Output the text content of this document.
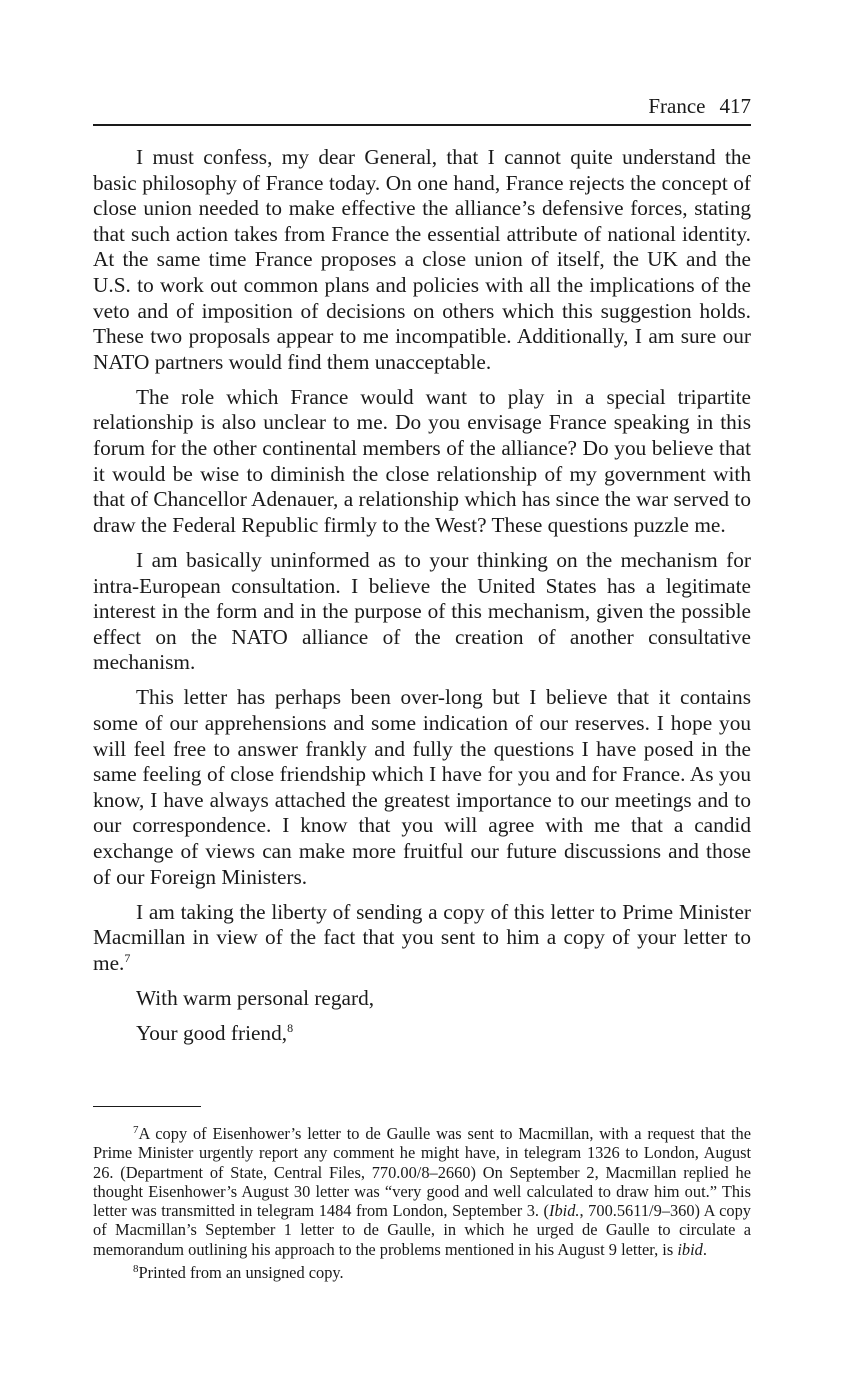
France 417

I must confess, my dear General, that I cannot quite understand the basic philosophy of France today. On one hand, France rejects the concept of close union needed to make effective the alliance’s defensive forces, stating that such action takes from France the essential attribute of national identity. At the same time France proposes a close union of itself, the UK and the U.S. to work out common plans and policies with all the implications of the veto and of imposition of decisions on others which this suggestion holds. These two proposals appear to me incompatible. Additionally, I am sure our NATO partners would find them unacceptable.

The role which France would want to play in a special tripartite relationship is also unclear to me. Do you envisage France speaking in this forum for the other continental members of the alliance? Do you believe that it would be wise to diminish the close relationship of my government with that of Chancellor Adenauer, a relationship which has since the war served to draw the Federal Republic firmly to the West? These questions puzzle me.

I am basically uninformed as to your thinking on the mechanism for intra-European consultation. I believe the United States has a legitimate interest in the form and in the purpose of this mechanism, given the possible effect on the NATO alliance of the creation of another consultative mechanism.

This letter has perhaps been over-long but I believe that it contains some of our apprehensions and some indication of our reserves. I hope you will feel free to answer frankly and fully the questions I have posed in the same feeling of close friendship which I have for you and for France. As you know, I have always attached the greatest importance to our meetings and to our correspondence. I know that you will agree with me that a candid exchange of views can make more fruitful our future discussions and those of our Foreign Ministers.

I am taking the liberty of sending a copy of this letter to Prime Minister Macmillan in view of the fact that you sent to him a copy of your letter to me.$^7$

With warm personal regard,

Your good friend,$^8$

$^7$A copy of Eisenhower’s letter to de Gaulle was sent to Macmillan, with a request that the Prime Minister urgently report any comment he might have, in telegram 1326 to London, August 26. (Department of State, Central Files, 770.00/8–2660) On September 2, Macmillan replied he thought Eisenhower’s August 30 letter was “very good and well calculated to draw him out.” This letter was transmitted in telegram 1484 from London, September 3. (Ibid., 700.5611/9–360) A copy of Macmillan’s September 1 letter to de Gaulle, in which he urged de Gaulle to circulate a memorandum outlining his approach to the problems mentioned in his August 9 letter, is ibid.

$^8$Printed from an unsigned copy.
